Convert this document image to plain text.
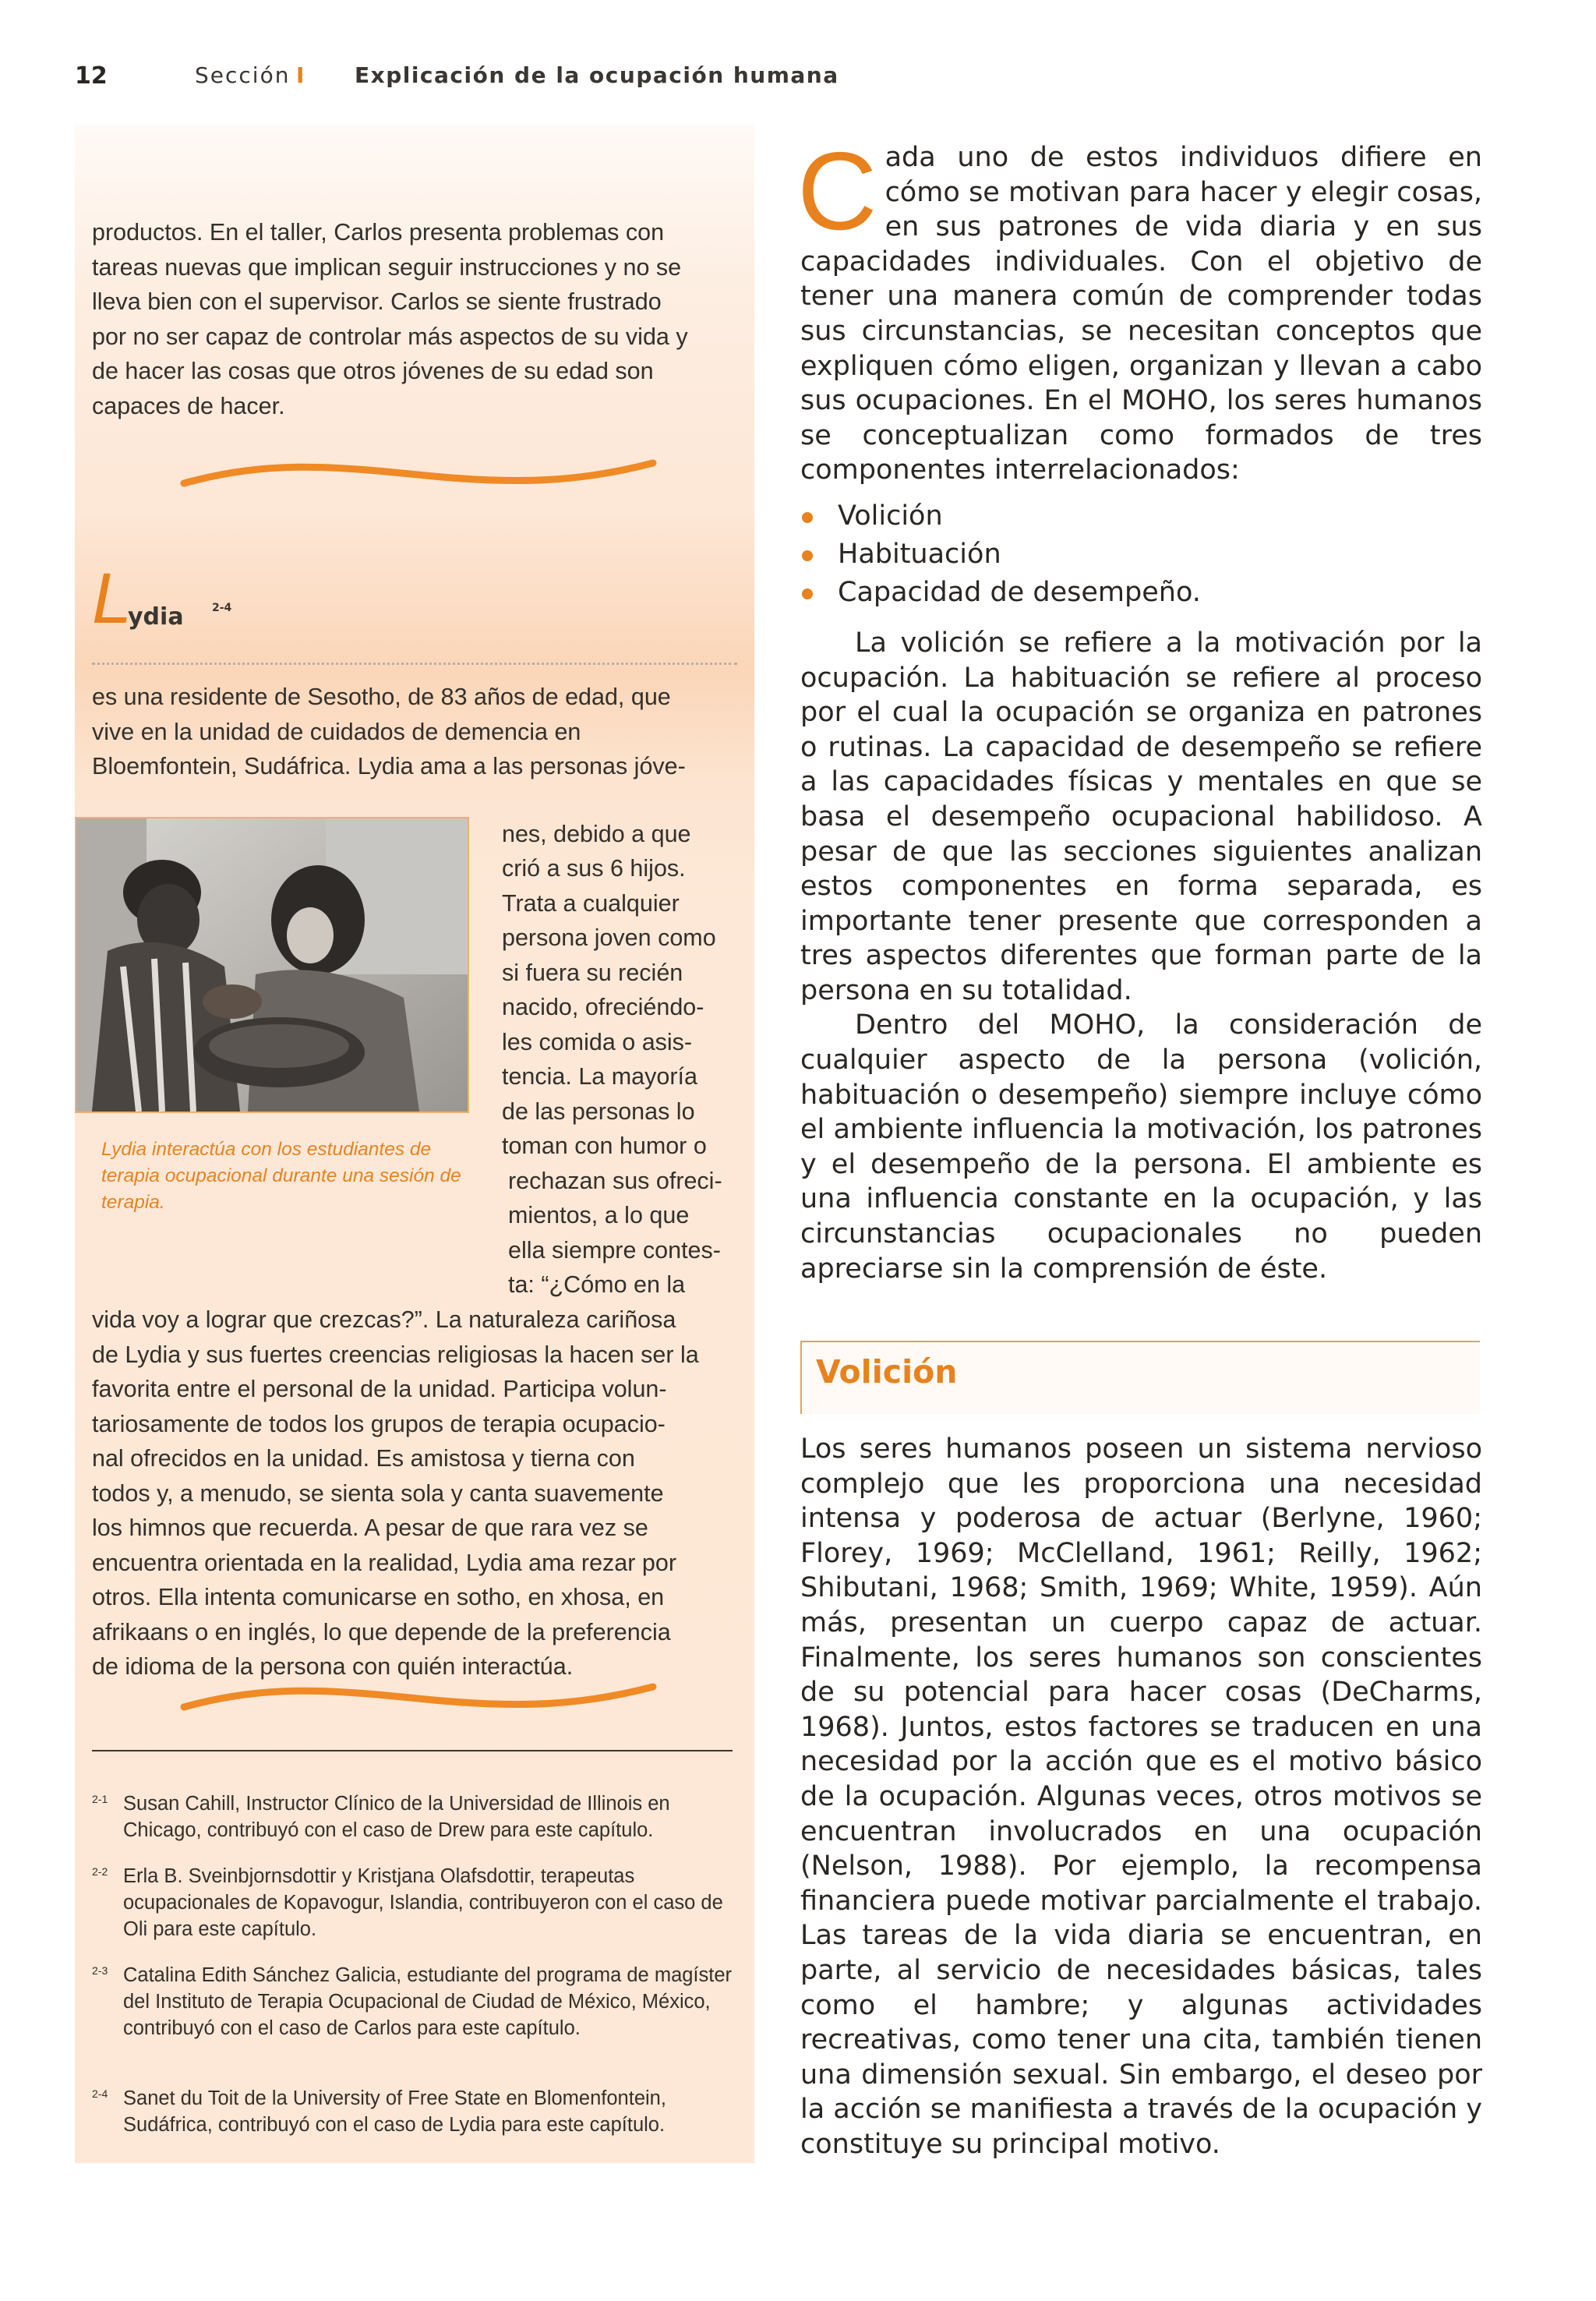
12	Sección I Explicación de la ocupación humana
productos. En el taller, Carlos presenta problemas con
tareas nuevas que implican seguir instrucciones y no se
lleva bien con el supervisor. Carlos se siente frustrado
por no ser capaz de controlar más aspectos de su vida y
de hacer las cosas que otros jóvenes de su edad son
capaces de hacer.
L
ydia	2-4
es una residente de Sesotho, de 83 años de edad, que
vive en la unidad de cuidados de demencia en
Bloemfontein, Sudáfrica. Lydia ama a las personas jóve-
Lydia interactúa con los estudiantes de terapia ocupacional durante una sesión de terapia.
nes, debido a que
crió a sus 6 hijos.
Trata a cualquier
persona joven como
si fuera su recién
nacido, ofreciéndo-
les comida o asis-
tencia. La mayoría
de las personas lo
toman con humor o
rechazan sus ofreci-
mientos, a lo que
ella siempre contes-
ta: “¿Cómo en la
vida voy a lograr que crezcas?”. La naturaleza cariñosa
de Lydia y sus fuertes creencias religiosas la hacen ser la
favorita entre el personal de la unidad. Participa volun-
tariosamente de todos los grupos de terapia ocupacio-
nal ofrecidos en la unidad. Es amistosa y tierna con
todos y, a menudo, se sienta sola y canta suavemente
los himnos que recuerda. A pesar de que rara vez se
encuentra orientada en la realidad, Lydia ama rezar por
otros. Ella intenta comunicarse en sotho, en xhosa, en
afrikaans o en inglés, lo que depende de la preferencia
de idioma de la persona con quién interactúa.
2-1 Susan Cahill, Instructor Clínico de la Universidad de Illinois en Chicago, contribuyó con el caso de Drew para este capítulo.
2-2 Erla B. Sveinbjornsdottir y Kristjana Olafsdottir, terapeutas ocupacionales de Kopavogur, Islandia, contribuyeron con el caso de Oli para este capítulo.
2-3 Catalina Edith Sánchez Galicia, estudiante del programa de magíster del Instituto de Terapia Ocupacional de Ciudad de México, México, contribuyó con el caso de Carlos para este capítulo.
2-4 Sanet du Toit de la University of Free State en Blomenfontein, Sudáfrica, contribuyó con el caso de Lydia para este capítulo.

Cada uno de estos individuos difiere en cómo se motivan para hacer y elegir cosas, en sus patrones de vida diaria y en sus capacidades individuales. Con el objetivo de tener una manera común de comprender todas sus circunstancias, se necesitan conceptos que expliquen cómo eligen, organizan y llevan a cabo sus ocupaciones. En el MOHO, los seres humanos se conceptualizan como formados de tres componentes interrelacionados:

Volición
Habituación
Capacidad de desempeño.

La volición se refiere a la motivación por la ocupación. La habituación se refiere al proceso por el cual la ocupación se organiza en patrones o rutinas. La capacidad de desempeño se refiere a las capacidades físicas y mentales en que se basa el desempeño ocupacional habilidoso. A pesar de que las secciones siguientes analizan estos componentes en forma separada, es importante tener presente que corresponden a tres aspectos diferentes que forman parte de la persona en su totalidad.

Dentro del MOHO, la consideración de cualquier aspecto de la persona (volición, habituación o desempeño) siempre incluye cómo el ambiente influencia la motivación, los patrones y el desempeño de la persona. El ambiente es una influencia constante en la ocupación, y las circunstancias ocupacionales no pueden apreciarse sin la comprensión de éste.

Volición

Los seres humanos poseen un sistema nervioso complejo que les proporciona una necesidad intensa y poderosa de actuar (Berlyne, 1960; Florey, 1969; McClelland, 1961; Reilly, 1962; Shibutani, 1968; Smith, 1969; White, 1959). Aún más, presentan un cuerpo capaz de actuar. Finalmente, los seres humanos son conscientes de su potencial para hacer cosas (DeCharms, 1968). Juntos, estos factores se traducen en una necesidad por la acción que es el motivo básico de la ocupación. Algunas veces, otros motivos se encuentran involucrados en una ocupación (Nelson, 1988). Por ejemplo, la recompensa financiera puede motivar parcialmente el trabajo. Las tareas de la vida diaria se encuentran, en parte, al servicio de necesidades básicas, tales como el hambre; y algunas actividades recreativas, como tener una cita, también tienen una dimensión sexual. Sin embargo, el deseo por la acción se manifiesta a través de la ocupación y constituye su principal motivo.
